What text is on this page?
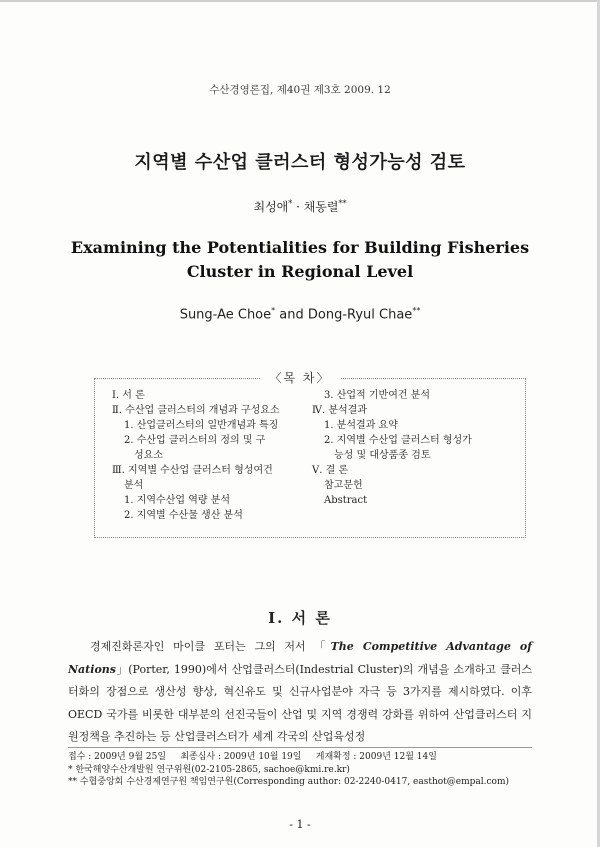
수산경영론집, 제40권 제3호 2009. 12
지역별 수산업 클러스터 형성가능성 검토
최성애* · 채동렬**
Examining the Potentialities for Building Fisheries
Cluster in Regional Level
Sung-Ae Choe* and Dong-Ryul Chae**
〈목 차〉
Ⅰ. 서 론
Ⅱ. 수산업 클러스터의 개념과 구성요소
1. 산업클러스터의 일반개념과 특징
2. 수산업 클러스터의 정의 및 구
성요소
Ⅲ. 지역별 수산업 클러스터 형성여건
분석
1. 지역수산업 역량 분석
2. 지역별 수산물 생산 분석
3. 산업적 기반여건 분석
Ⅳ. 분석결과
1. 분석결과 요약
2. 지역별 수산업 클러스터 형성가
능성 및 대상품종 검토
Ⅴ. 결 론
참고문헌
Abstract
Ⅰ. 서 론

  경제진화론자인 마이클 포터는 그의 저서 「The Competitive Advantage of Nations」(Porter, 1990)에서 산업클러스터(Indestrial Cluster)의 개념을 소개하고 클러스터화의 장점으로 생산성 향상, 혁신유도 및 신규사업분야 자극 등 3가지를 제시하였다. 이후 OECD 국가를 비롯한 대부분의 선진국들이 산업 및 지역 경쟁력 강화를 위하여 산업클러스터 지원정책을 추진하는 등 산업클러스터가 세계 각국의 산업육성정

접수 : 2009년 9월 25일     최종심사 : 2009년 10월 19일     게재확정 : 2009년 12월 14일
* 한국해양수산개발원 연구위원(02-2105-2865, sachoe@kmi.re.kr)
** 수협중앙회 수산경제연구원 책임연구원(Corresponding author: 02-2240-0417, easthot@empal.com)
- 1 -
